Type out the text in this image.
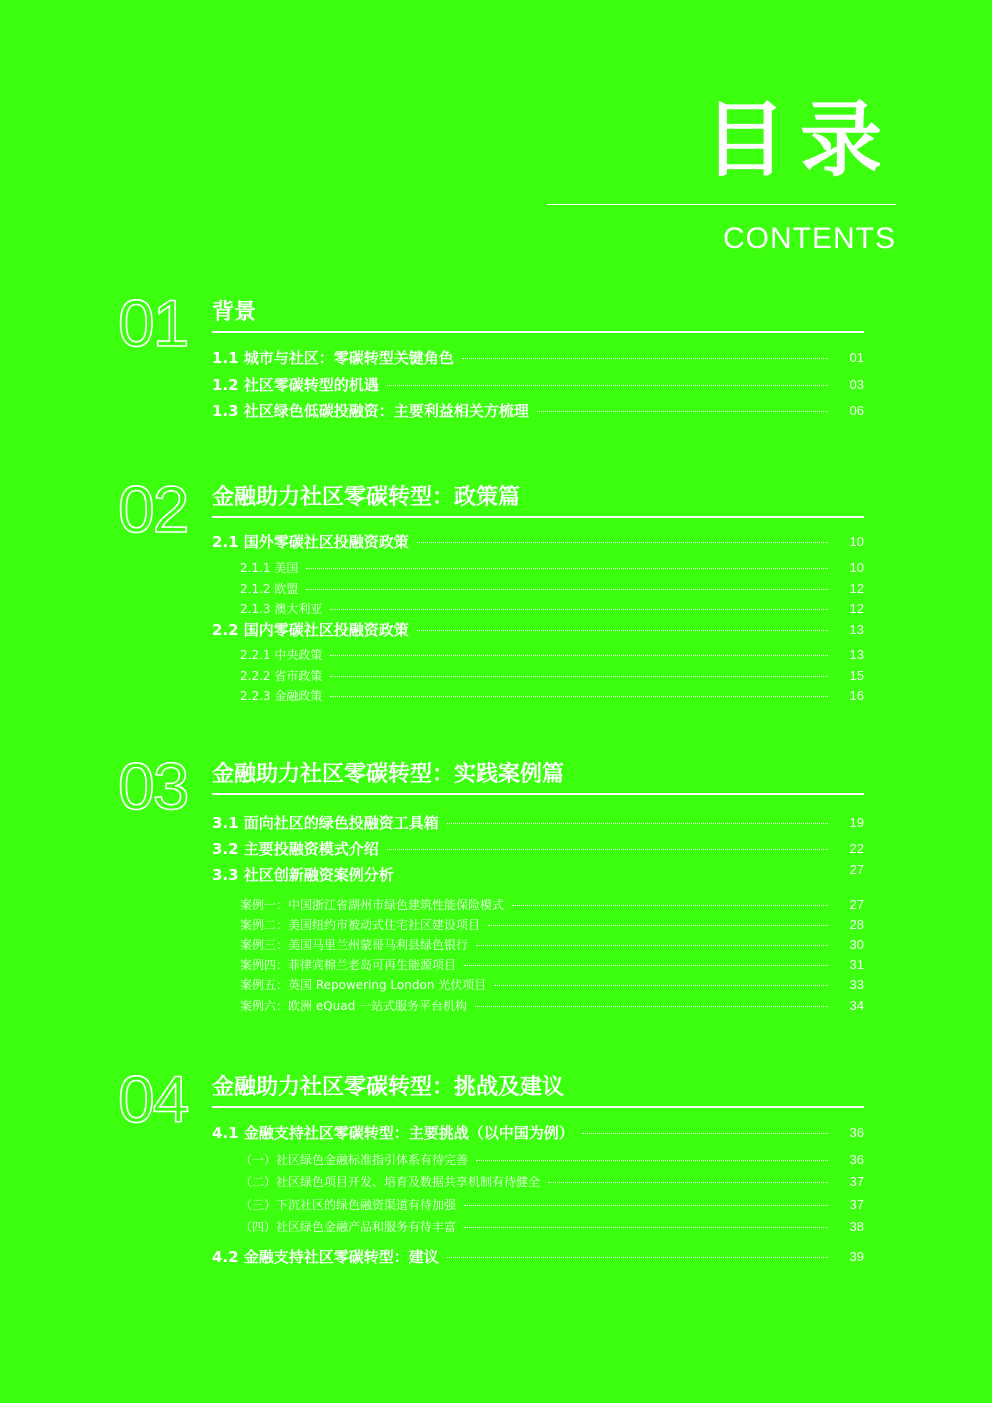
目录
CONTENTS
01 背景
1.1 城市与社区：零碳转型关键角色	01
1.2 社区零碳转型的机遇	03
1.3 社区绿色低碳投融资：主要利益相关方梳理	06
02 金融助力社区零碳转型：政策篇
2.1 国外零碳社区投融资政策	10
2.1.1 美国	10
2.1.2 欧盟	12
2.1.3 澳大利亚	12
2.2 国内零碳社区投融资政策	13
2.2.1 中央政策	13
2.2.2 省市政策	15
2.2.3 金融政策	16
03 金融助力社区零碳转型：实践案例篇
3.1 面向社区的绿色投融资工具箱	19
3.2 主要投融资模式介绍	22
3.3 社区创新融资案例分析	27
案例一：中国浙江省湖州市绿色建筑性能保险模式	27
案例二：美国纽约市被动式住宅社区建设项目	28
案例三：美国马里兰州蒙哥马利县绿色银行	30
案例四：菲律宾棉兰老岛可再生能源项目	31
案例五：英国 Repowering London 光伏项目	33
案例六：欧洲 eQuad 一站式服务平台机构	34
04 金融助力社区零碳转型：挑战及建议
4.1 金融支持社区零碳转型：主要挑战（以中国为例）	36
（一）社区绿色金融标准指引体系有待完善	36
（二）社区绿色项目开发、培育及数据共享机制有待健全	37
（三）下沉社区的绿色融资渠道有待加强	37
（四）社区绿色金融产品和服务有待丰富	38
4.2 金融支持社区零碳转型：建议	39
